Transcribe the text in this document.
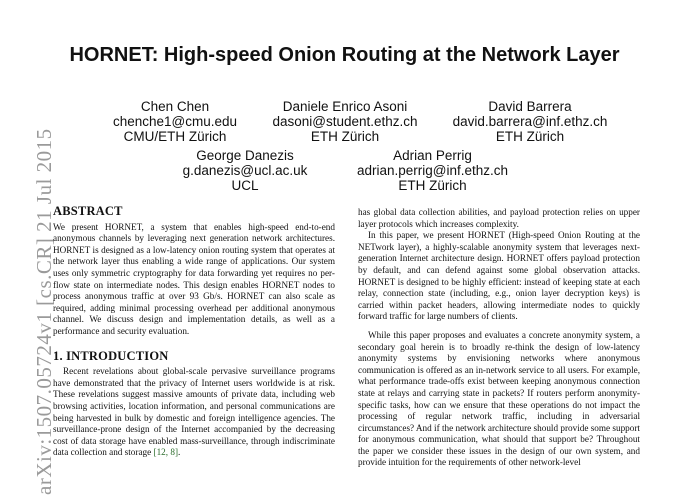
HORNET: High-speed Onion Routing at the Network Layer
Chen Chen
chenche1@cmu.edu
CMU/ETH Zürich
Daniele Enrico Asoni
dasoni@student.ethz.ch
ETH Zürich
David Barrera
david.barrera@inf.ethz.ch
ETH Zürich
George Danezis
g.danezis@ucl.ac.uk
UCL
Adrian Perrig
adrian.perrig@inf.ethz.ch
ETH Zürich
arXiv:1507.05724v1 [cs.CR] 21 Jul 2015
ABSTRACT

We present HORNET, a system that enables high-speed end-to-end anonymous channels by leveraging next generation network architectures. HORNET is designed as a low-latency onion routing system that operates at the network layer thus enabling a wide range of applications. Our system uses only symmetric cryptography for data forwarding yet requires no per-flow state on intermediate nodes. This design enables HORNET nodes to process anonymous traffic at over 93 Gb/s. HORNET can also scale as required, adding minimal processing overhead per additional anonymous channel. We discuss design and implementation details, as well as a performance and security evaluation.

1. INTRODUCTION

Recent revelations about global-scale pervasive surveillance programs have demonstrated that the privacy of Internet users worldwide is at risk. These revelations suggest massive amounts of private data, including web browsing activities, location information, and personal communications are being harvested in bulk by domestic and foreign intelligence agencies. The surveillance-prone design of the Internet accompanied by the decreasing cost of data storage have enabled mass-surveillance, through indiscriminate data collection and storage [12, 8].

has global data collection abilities, and payload protection relies on upper layer protocols which increases complexity.

In this paper, we present HORNET (High-speed Onion Routing at the NETwork layer), a highly-scalable anonymity system that leverages next-generation Internet architecture design. HORNET offers payload protection by default, and can defend against some global observation attacks. HORNET is designed to be highly efficient: instead of keeping state at each relay, connection state (including, e.g., onion layer decryption keys) is carried within packet headers, allowing intermediate nodes to quickly forward traffic for large numbers of clients.

While this paper proposes and evaluates a concrete anonymity system, a secondary goal herein is to broadly re-think the design of low-latency anonymity systems by envisioning networks where anonymous communication is offered as an in-network service to all users. For example, what performance trade-offs exist between keeping anonymous connection state at relays and carrying state in packets? If routers perform anonymity-specific tasks, how can we ensure that these operations do not impact the processing of regular network traffic, including in adversarial circumstances? And if the network architecture should provide some support for anonymous communication, what should that support be? Throughout the paper we consider these issues in the design of our own system, and provide intuition for the requirements of other network-level
